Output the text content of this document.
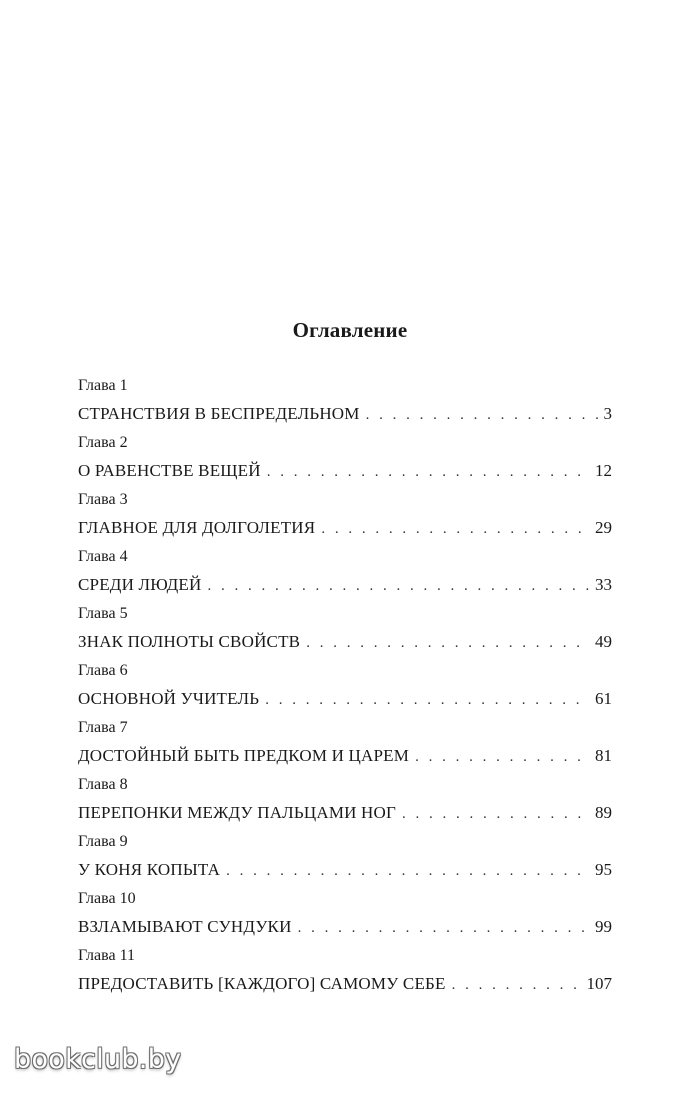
Оглавление
Глава 1
СТРАНСТВИЯ В БЕСПРЕДЕЛЬНОМ . . .	3
Глава 2
О РАВЕНСТВЕ ВЕЩЕЙ . . .	12
Глава 3
ГЛАВНОЕ ДЛЯ ДОЛГОЛЕТИЯ . . .	29
Глава 4
СРЕДИ ЛЮДЕЙ . . .	33
Глава 5
ЗНАК ПОЛНОТЫ СВОЙСТВ . . .	49
Глава 6
ОСНОВНОЙ УЧИТЕЛЬ . . .	61
Глава 7
ДОСТОЙНЫЙ БЫТЬ ПРЕДКОМ И ЦАРЕМ . . .	81
Глава 8
ПЕРЕПОНКИ МЕЖДУ ПАЛЬЦАМИ НОГ . . .	89
Глава 9
У КОНЯ КОПЫТА . . .	95
Глава 10
ВЗЛАМЫВАЮТ СУНДУКИ . . .	99
Глава 11
ПРЕДОСТАВИТЬ [КАЖДОГО] САМОМУ СЕБЕ . . .	107
bookclub.by
